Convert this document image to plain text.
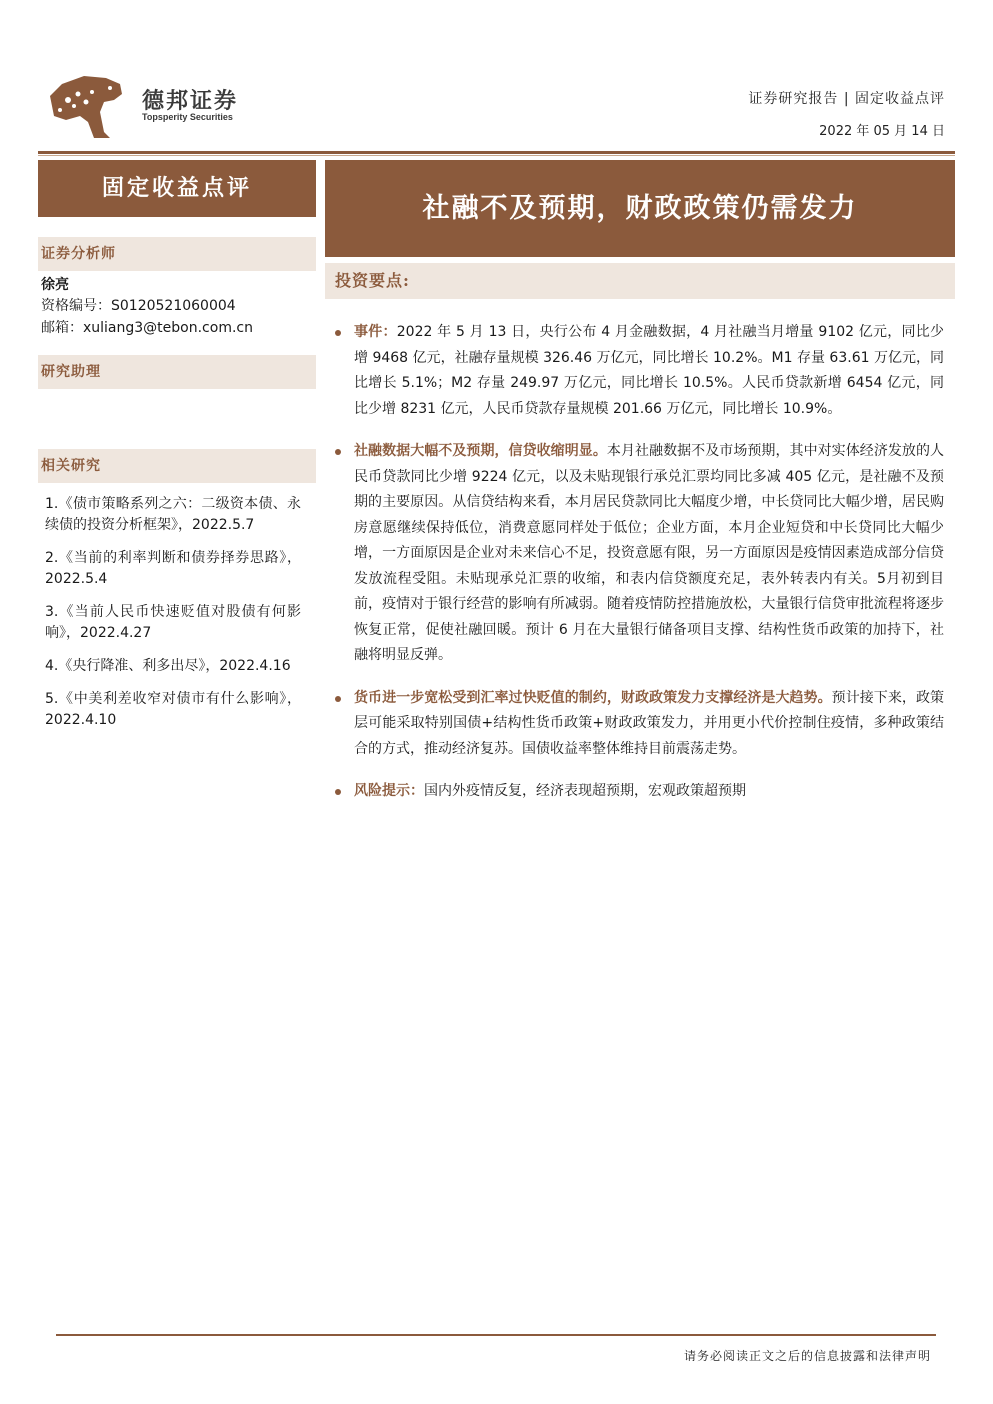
德邦证券
Topsperity Securities
证券研究报告 | 固定收益点评
2022 年 05 月 14 日
固定收益点评
社融不及预期，财政政策仍需发力
证券分析师
徐亮
资格编号：S0120521060004
邮箱：xuliang3@tebon.com.cn
研究助理
相关研究
1.《债市策略系列之六：二级资本债、永续债的投资分析框架》，2022.5.7
2.《当前的利率判断和债券择券思路》，2022.5.4
3.《当前人民币快速贬值对股债有何影响》，2022.4.27
4.《央行降准、利多出尽》，2022.4.16
5.《中美利差收窄对债市有什么影响》，2022.4.10
投资要点:
事件：2022 年 5 月 13 日，央行公布 4 月金融数据，4 月社融当月增量 9102 亿元，同比少增 9468 亿元，社融存量规模 326.46 万亿元，同比增长 10.2%。M1 存量 63.61 万亿元，同比增长 5.1%；M2 存量 249.97 万亿元，同比增长 10.5%。人民币贷款新增 6454 亿元，同比少增 8231 亿元，人民币贷款存量规模 201.66 万亿元，同比增长 10.9%。
社融数据大幅不及预期，信贷收缩明显。本月社融数据不及市场预期，其中对实体经济发放的人民币贷款同比少增 9224 亿元，以及未贴现银行承兑汇票均同比多减 405 亿元，是社融不及预期的主要原因。从信贷结构来看，本月居民贷款同比大幅度少增，中长贷同比大幅少增，居民购房意愿继续保持低位，消费意愿同样处于低位；企业方面，本月企业短贷和中长贷同比大幅少增，一方面原因是企业对未来信心不足，投资意愿有限，另一方面原因是疫情因素造成部分信贷发放流程受阻。未贴现承兑汇票的收缩，和表内信贷额度充足，表外转表内有关。5月初到目前，疫情对于银行经营的影响有所减弱。随着疫情防控措施放松，大量银行信贷审批流程将逐步恢复正常，促使社融回暖。预计 6 月在大量银行储备项目支撑、结构性货币政策的加持下，社融将明显反弹。
货币进一步宽松受到汇率过快贬值的制约，财政政策发力支撑经济是大趋势。预计接下来，政策层可能采取特别国债+结构性货币政策+财政政策发力，并用更小代价控制住疫情，多种政策结合的方式，推动经济复苏。国债收益率整体维持目前震荡走势。
风险提示：国内外疫情反复，经济表现超预期，宏观政策超预期
请务必阅读正文之后的信息披露和法律声明
